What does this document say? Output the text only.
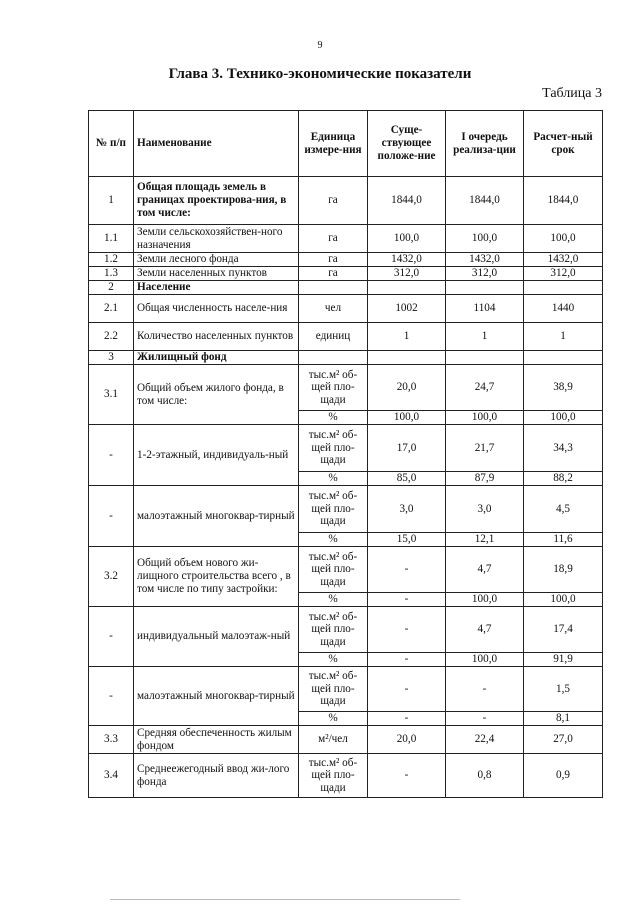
9
Глава 3. Технико-экономические показатели
Таблица 3
№ п/п	Наименование	Единица измере-ния	Суще-ствующее положе-ние	I очередь реализа-ции	Расчет-ный срок
1	Общая площадь земель в границах проектирова-ния, в том числе:	га	1844,0	1844,0	1844,0
1.1	Земли сельскохозяйствен-ного назначения	га	100,0	100,0	100,0
1.2	Земли лесного фонда	га	1432,0	1432,0	1432,0
1.3	Земли населенных пунктов	га	312,0	312,0	312,0
2	Население				
2.1	Общая численность населе-ния	чел	1002	1104	1440
2.2	Количество населенных пунктов	единиц	1	1	1
3	Жилищный фонд				
3.1	Общий объем жилого фонда, в том числе:	тыс.м² об-щей пло-щади	20,0	24,7	38,9
		%	100,0	100,0	100,0
-	1-2-этажный, индивидуаль-ный	тыс.м² об-щей пло-щади	17,0	21,7	34,3
		%	85,0	87,9	88,2
-	малоэтажный многоквар-тирный	тыс.м² об-щей пло-щади	3,0	3,0	4,5
		%	15,0	12,1	11,6
3.2	Общий объем нового жи-лищного строительства всего , в том числе по типу застройки:	тыс.м² об-щей пло-щади	-	4,7	18,9
		%	-	100,0	100,0
-	индивидуальный малоэтаж-ный	тыс.м² об-щей пло-щади	-	4,7	17,4
		%	-	100,0	91,9
-	малоэтажный многоквар-тирный	тыс.м² об-щей пло-щади	-	-	1,5
		%	-	-	8,1
3.3	Средняя обеспеченность жилым фондом	м²/чел	20,0	22,4	27,0
3.4	Среднеежегодный ввод жи-лого фонда	тыс.м² об-щей пло-щади	-	0,8	0,9
